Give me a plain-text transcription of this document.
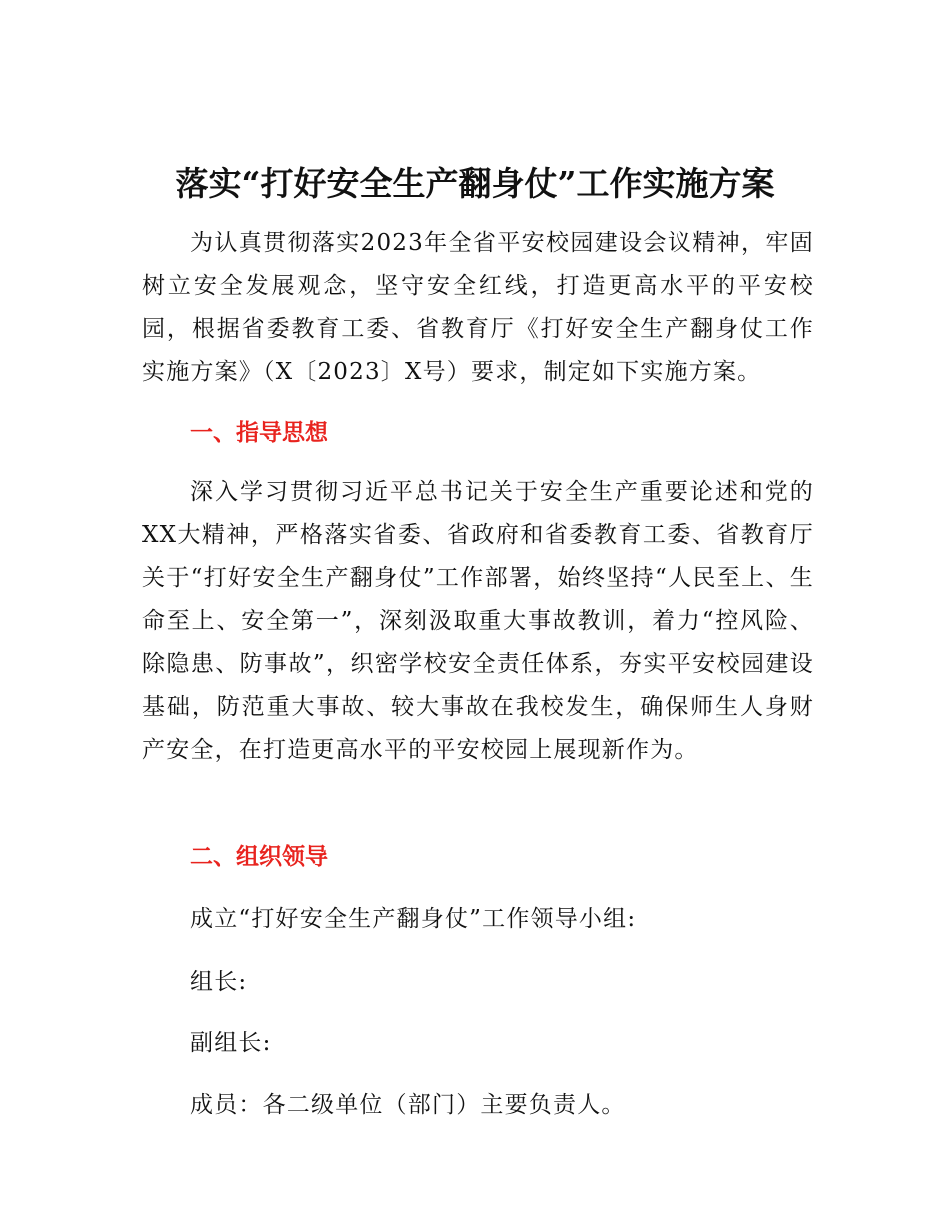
落实“打好安全生产翻身仗”工作实施方案

为认真贯彻落实2023年全省平安校园建设会议精神，牢固树立安全发展观念，坚守安全红线，打造更高水平的平安校园，根据省委教育工委、省教育厅《打好安全生产翻身仗工作实施方案》（X〔2023〕X号）要求，制定如下实施方案。

一、指导思想

深入学习贯彻习近平总书记关于安全生产重要论述和党的XX大精神，严格落实省委、省政府和省委教育工委、省教育厅关于“打好安全生产翻身仗”工作部署，始终坚持“人民至上、生命至上、安全第一”，深刻汲取重大事故教训，着力“控风险、除隐患、防事故”，织密学校安全责任体系，夯实平安校园建设基础，防范重大事故、较大事故在我校发生，确保师生人身财产安全，在打造更高水平的平安校园上展现新作为。

二、组织领导

成立“打好安全生产翻身仗”工作领导小组:

组长:

副组长:

成员：各二级单位（部门）主要负责人。
